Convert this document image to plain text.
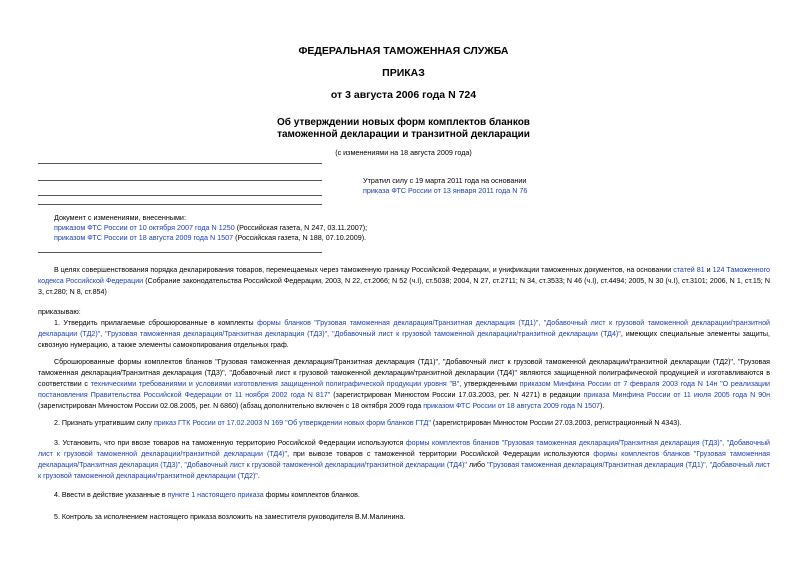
ФЕДЕРАЛЬНАЯ ТАМОЖЕННАЯ СЛУЖБА
ПРИКАЗ
от 3 августа 2006 года N 724
Об утверждении новых форм комплектов бланков
таможенной декларации и транзитной декларации
(с изменениями на 18 августа 2009 года)
Утратил силу с 19 марта 2011 года на основании
приказа ФТС России от 13 января 2011 года N 76
Документ с изменениями, внесенными:
приказом ФТС России от 10 октября 2007 года N 1250 (Российская газета, N 247, 03.11.2007);
приказом ФТС России от 18 августа 2009 года N 1507 (Российская газета, N 188, 07.10.2009).
В целях совершенствования порядка декларирования товаров, перемещаемых через таможенную границу Российской Федерации, и унификации таможенных документов, на основании статей 81 и 124 Таможенного кодекса Российской Федерации (Собрание законодательства Российской Федерации, 2003, N 22, ст.2066; N 52 (ч.I), ст.5038; 2004, N 27, ст.2711; N 34, ст.3533; N 46 (ч.I), ст.4494; 2005, N 30 (ч.I), ст.3101; 2006, N 1, ст.15; N 3, ст.280; N 8, ст.854)
приказываю:
1. Утвердить прилагаемые сброшюрованные в комплекты формы бланков "Грузовая таможенная декларация/Транзитная декларация (ТД1)", "Добавочный лист к грузовой таможенной декларации/транзитной декларации (ТД2)", "Грузовая таможенная декларация/Транзитная декларация (ТД3)", "Добавочный лист к грузовой таможенной декларации/транзитной декларации (ТД4)", имеющих специальные элементы защиты, сквозную нумерацию, а также элементы самокопирования отдельных граф.
Сброшюрованные формы комплектов бланков "Грузовая таможенная декларация/Транзитная декларация (ТД1)", "Добавочный лист к грузовой таможенной декларации/транзитной декларации (ТД2)", "Грузовая таможенная декларация/Транзитная декларация (ТД3)", "Добавочный лист к грузовой таможенной декларации/транзитной декларации (ТД4)" являются защищенной полиграфической продукцией и изготавливаются в соответствии с техническими требованиями и условиями изготовления защищенной полиграфической продукции уровня "В", утвержденными приказом Минфина России от 7 февраля 2003 года N 14н "О реализации постановления Правительства Российской Федерации от 11 ноября 2002 года N 817" (зарегистрирован Минюстом России 17.03.2003, рег. N 4271) в редакции приказа Минфина России от 11 июля 2005 года N 90н (зарегистрирован Минюстом России 02.08.2005, рег. N 6860) (абзац дополнительно включен с 18 октября 2009 года приказом ФТС России от 18 августа 2009 года N 1507).
2. Признать утратившим силу приказ ГТК России от 17.02.2003 N 169 "Об утверждении новых форм бланков ГТД" (зарегистрирован Минюстом России 27.03.2003, регистрационный N 4343).
3. Установить, что при ввозе товаров на таможенную территорию Российской Федерации используются формы комплектов бланков "Грузовая таможенная декларация/Транзитная декларация (ТД3)", "Добавочный лист к грузовой таможенной декларации/транзитной декларации (ТД4)", при вывозе товаров с таможенной территории Российской Федерации используются формы комплектов бланков "Грузовая таможенная декларация/Транзитная декларация (ТД3)", "Добавочный лист к грузовой таможенной декларации/транзитной декларации (ТД4)" либо "Грузовая таможенная декларация/Транзитная декларация (ТД1)", "Добавочный лист к грузовой таможенной декларации/транзитной декларации (ТД2)".
4. Ввести в действие указанные в пункте 1 настоящего приказа формы комплектов бланков.
5. Контроль за исполнением настоящего приказа возложить на заместителя руководителя В.М.Малинина.
